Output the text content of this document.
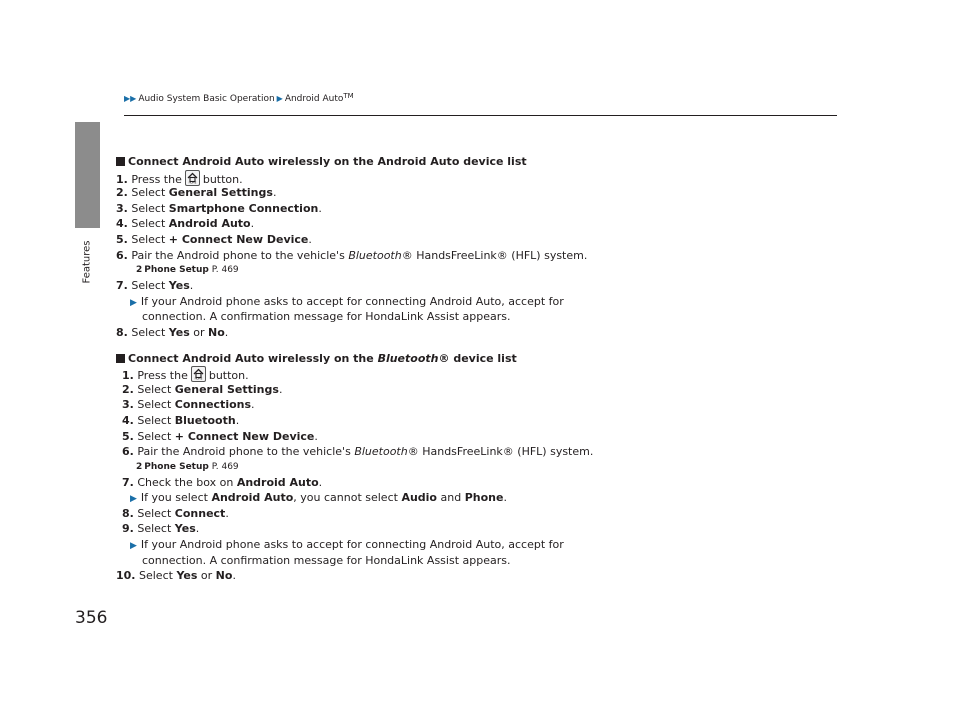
▶▶ Audio System Basic Operation ▶ Android Auto™
Features
356
Connect Android Auto wirelessly on the Android Auto device list
1. Press the	HOME button.
2. Select General Settings.
3. Select Smartphone Connection.
4. Select Android Auto.
5. Select + Connect New Device.
6. Pair the Android phone to the vehicle's Bluetooth® HandsFreeLink® (HFL) system.
2 Phone Setup P. 469
7. Select Yes.
▶ If your Android phone asks to accept for connecting Android Auto, accept for
connection. A confirmation message for HondaLink Assist appears.
8. Select Yes or No.
Connect Android Auto wirelessly on the Bluetooth® device list
1. Press the	HOME button.
2. Select General Settings.
3. Select Connections.
4. Select Bluetooth.
5. Select + Connect New Device.
6. Pair the Android phone to the vehicle's Bluetooth® HandsFreeLink® (HFL) system.
2 Phone Setup P. 469
7. Check the box on Android Auto.
▶ If you select Android Auto, you cannot select Audio and Phone.
8. Select Connect.
9. Select Yes.
▶ If your Android phone asks to accept for connecting Android Auto, accept for
connection. A confirmation message for HondaLink Assist appears.
10. Select Yes or No.
